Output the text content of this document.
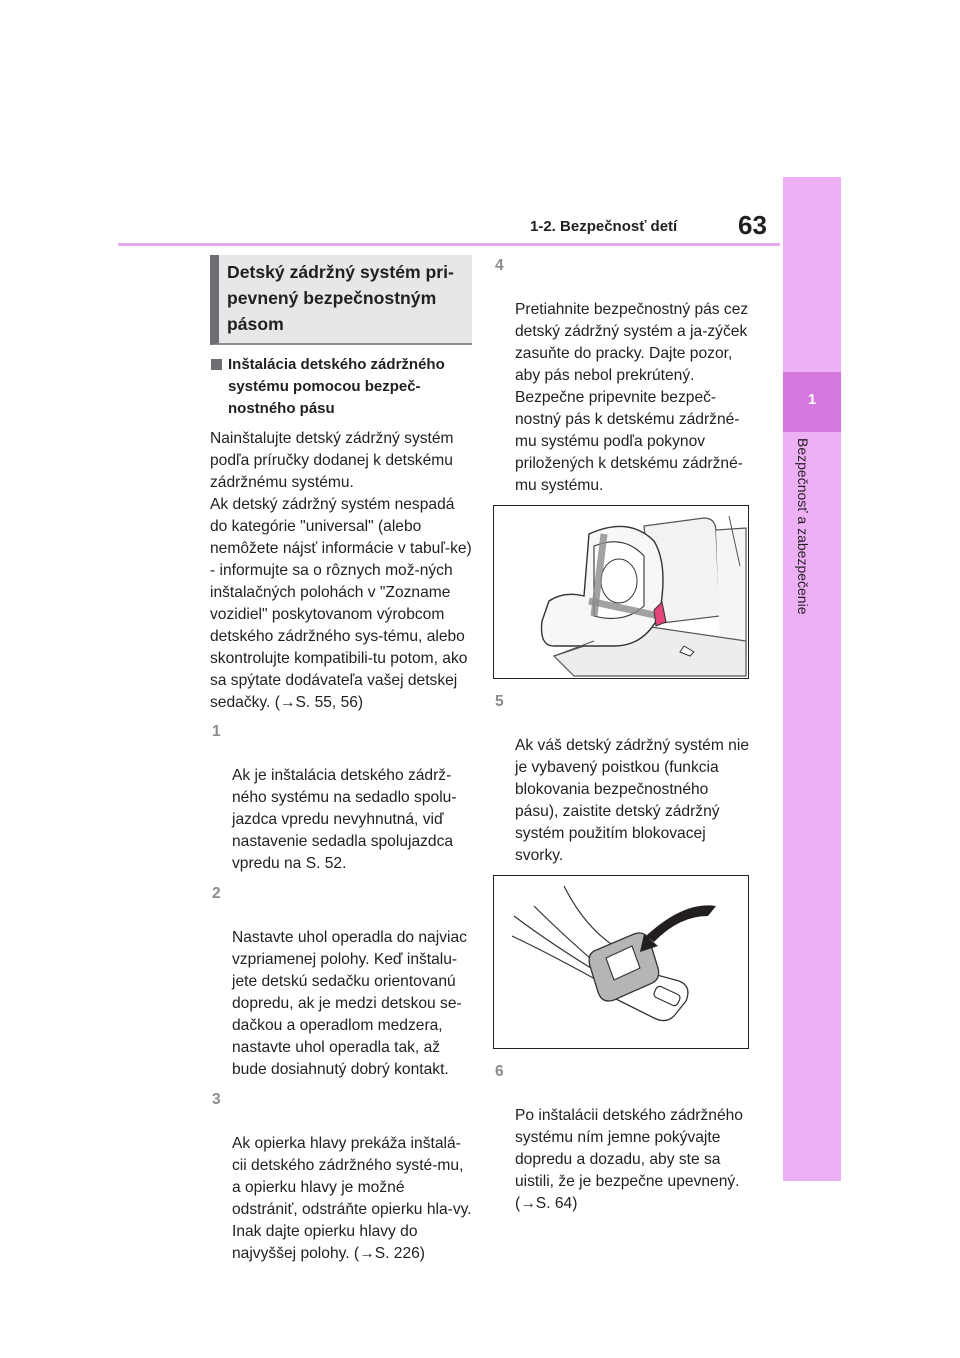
1-2. Bezpečnosť detí 63
1
Bezpečnosť a zabezpečenie
Detský zádržný systém pri-
pevnený bezpečnostným
pásom
Inštalácia detského zádržného systému pomocou bezpeč-nostného pásu
Nainštalujte detský zádržný systém podľa príručky dodanej k detskému zádržnému systému.
Ak detský zádržný systém nespadá do kategórie "universal" (alebo nemôžete nájsť informácie v tabuľ-ke) - informujte sa o rôznych mož-ných inštalačných polohách v "Zozname vozidiel" poskytovanom výrobcom detského zádržného sys-tému, alebo skontrolujte kompatibili-tu potom, ako sa spýtate dodávateľa vašej detskej sedačky. (→S. 55, 56)

1

Ak je inštalácia detského zádrž-ného systému na sedadlo spolu-jazdca vpredu nevyhnutná, viď nastavenie sedadla spolujazdca vpredu na S. 52.

2

Nastavte uhol operadla do najviac vzpriamenej polohy. Keď inštalu-jete detskú sedačku orientovanú dopredu, ak je medzi detskou se-dačkou a operadlom medzera, nastavte uhol operadla tak, až bude dosiahnutý dobrý kontakt.

3

Ak opierka hlavy prekáža inštalá-cii detského zádržného systé-mu, a opierku hlavy je možné odstrániť, odstráňte opierku hla-vy. Inak dajte opierku hlavy do najvyššej polohy. (→S. 226)

4

Pretiahnite bezpečnostný pás cez detský zádržný systém a ja-zýček zasuňte do pracky. Dajte pozor, aby pás nebol prekrútený. Bezpečne pripevnite bezpeč-nostný pás k detskému zádržné-mu systému podľa pokynov priložených k detskému zádržné-mu systému.

5

Ak váš detský zádržný systém nie je vybavený poistkou (funkcia blokovania bezpečnostného pásu), zaistite detský zádržný systém použitím blokovacej svorky.

6

Po inštalácii detského zádržného systému ním jemne pokývajte dopredu a dozadu, aby ste sa uistili, že je bezpečne upevnený. (→S. 64)
